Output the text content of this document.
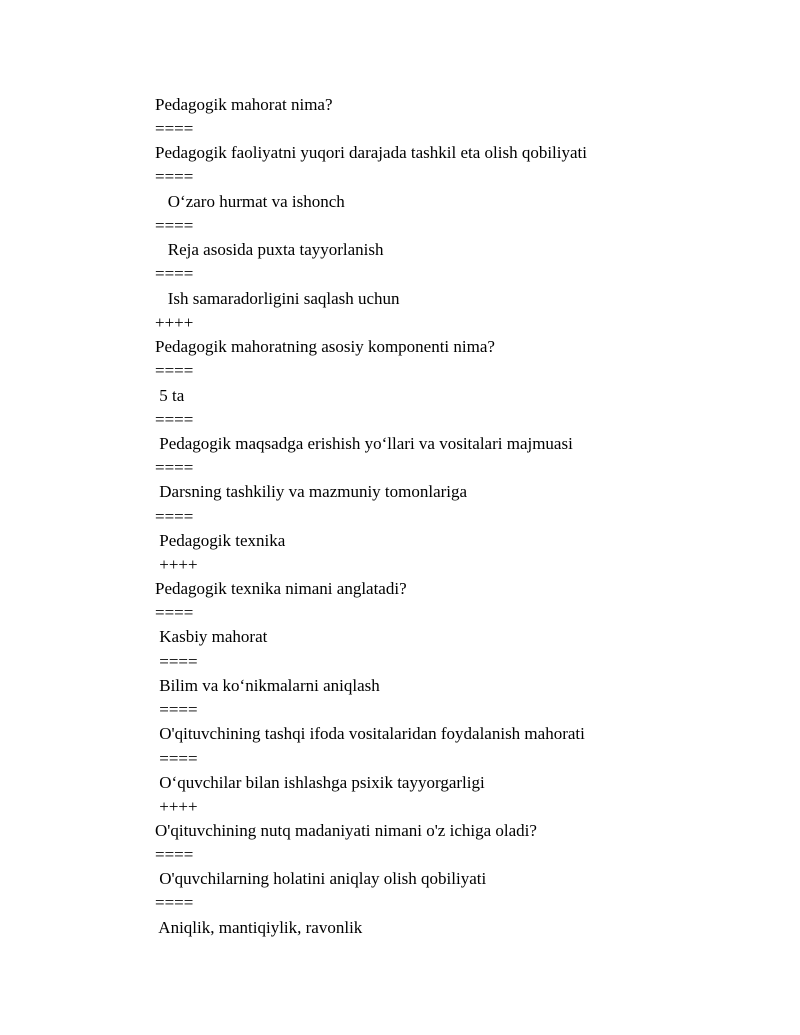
Pedagogik mahorat nima?

====

Pedagogik faoliyatni yuqori darajada tashkil eta olish qobiliyati

====

O‘zaro hurmat va ishonch

====

Reja asosida puxta tayyorlanish

====

Ish samaradorligini saqlash uchun

++++

Pedagogik mahoratning asosiy komponenti nima?

====

5 ta

====

Pedagogik maqsadga erishish yo‘llari va vositalari majmuasi

====

Darsning tashkiliy va mazmuniy tomonlariga

====

Pedagogik texnika

++++

Pedagogik texnika nimani anglatadi?

====

Kasbiy mahorat

====

Bilim va ko‘nikmalarni aniqlash

====

O'qituvchining tashqi ifoda vositalaridan foydalanish mahorati

====

O‘quvchilar bilan ishlashga psixik tayyorgarligi

++++

O'qituvchining nutq madaniyati nimani o'z ichiga oladi?

====

O'quvchilarning holatini aniqlay olish qobiliyati

====

Aniqlik, mantiqiylik, ravonlik
